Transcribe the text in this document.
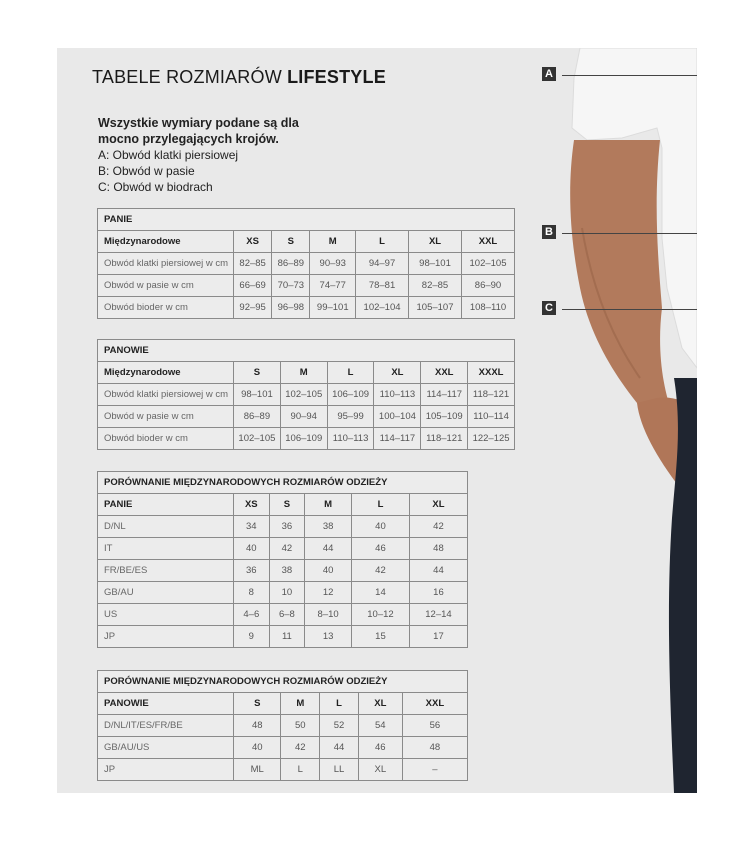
TABELE ROZMIARÓW LIFESTYLE
Wszystkie wymiary podane są dla
mocno przylegających krojów.
A: Obwód klatki piersiowej
B: Obwód w pasie
C: Obwód w biodrach
PANIE						
Międzynarodowe	XS	S	M	L	XL	XXL
Obwód klatki piersiowej w cm	82–85	86–89	90–93	94–97	98–101	102–105
Obwód w pasie w cm	66–69	70–73	74–77	78–81	82–85	86–90
Obwód bioder w cm	92–95	96–98	99–101	102–104	105–107	108–110
PANOWIE						
Międzynarodowe	S	M	L	XL	XXL	XXXL
Obwód klatki piersiowej w cm	98–101	102–105	106–109	110–113	114–117	118–121
Obwód w pasie w cm	86–89	90–94	95–99	100–104	105–109	110–114
Obwód bioder w cm	102–105	106–109	110–113	114–117	118–121	122–125
PORÓWNANIE MIĘDZYNARODOWYCH ROZMIARÓW ODZIEŻY					
PANIE	XS	S	M	L	XL
D/NL	34	36	38	40	42
IT	40	42	44	46	48
FR/BE/ES	36	38	40	42	44
GB/AU	8	10	12	14	16
US	4–6	6–8	8–10	10–12	12–14
JP	9	11	13	15	17
PORÓWNANIE MIĘDZYNARODOWYCH ROZMIARÓW ODZIEŻY					
PANOWIE	S	M	L	XL	XXL
D/NL/IT/ES/FR/BE	48	50	52	54	56
GB/AU/US	40	42	44	46	48
JP	ML	L	LL	XL	–
A
B
C
